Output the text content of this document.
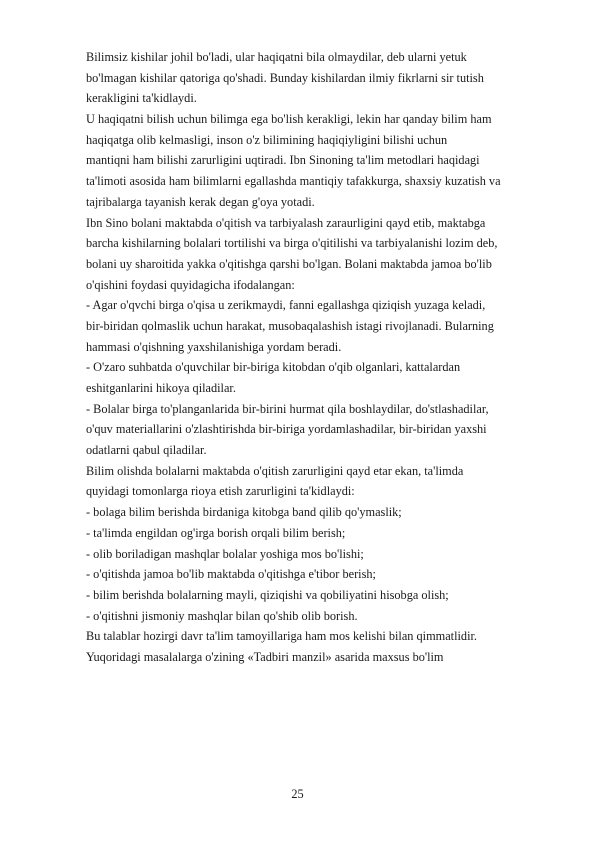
Bilimsiz kishilar johil bo'ladi, ular haqiqatni bila olmaydilar, deb ularni yetuk
bo'lmagan kishilar qatoriga qo'shadi. Bunday kishilardan ilmiy fikrlarni sir tutish
kerakligini ta'kidlaydi.
U haqiqatni bilish uchun bilimga ega bo'lish kerakligi, lekin har qanday bilim ham
haqiqatga olib kelmasligi, inson o'z bilimining haqiqiyligini bilishi uchun
mantiqni ham bilishi zarurligini uqtiradi. Ibn Sinoning ta'lim metodlari haqidagi
ta'limoti asosida ham bilimlarni egallashda mantiqiy tafakkurga, shaxsiy kuzatish va
tajribalarga tayanish kerak degan g'oya yotadi.
Ibn Sino bolani maktabda o'qitish va tarbiyalash zaraurligini qayd etib, maktabga
barcha kishilarning bolalari tortilishi va birga o'qitilishi va tarbiyalanishi lozim deb,
bolani uy sharoitida yakka o'qitishga qarshi bo'lgan. Bolani maktabda jamoa bo'lib
o'qishini foydasi quyidagicha ifodalangan:
- Agar o'qvchi birga o'qisa u zerikmaydi, fanni egallashga qiziqish yuzaga keladi,
bir-biridan qolmaslik uchun harakat, musobaqalashish istagi rivojlanadi. Bularning
hammasi o'qishning yaxshilanishiga yordam beradi.
- O'zaro suhbatda o'quvchilar bir-biriga kitobdan o'qib olganlari, kattalardan
eshitganlarini hikoya qiladilar.
- Bolalar birga to'planganlarida bir-birini hurmat qila boshlaydilar, do'stlashadilar,
o'quv materiallarini o'zlashtirishda bir-biriga yordamlashadilar, bir-biridan yaxshi
odatlarni qabul qiladilar.
Bilim olishda bolalarni maktabda o'qitish zarurligini qayd etar ekan, ta'limda
quyidagi tomonlarga rioya etish zarurligini ta'kidlaydi:
- bolaga bilim berishda birdaniga kitobga band qilib qo'ymaslik;
- ta'limda engildan og'irga borish orqali bilim berish;
- olib boriladigan mashqlar bolalar yoshiga mos bo'lishi;
- o'qitishda jamoa bo'lib maktabda o'qitishga e'tibor berish;
- bilim berishda bolalarning mayli, qiziqishi va qobiliyatini hisobga olish;
- o'qitishni jismoniy mashqlar bilan qo'shib olib borish.
Bu talablar hozirgi davr ta'lim tamoyillariga ham mos kelishi bilan qimmatlidir.
Yuqoridagi masalalarga o'zining «Tadbiri manzil» asarida maxsus bo'lim
25
